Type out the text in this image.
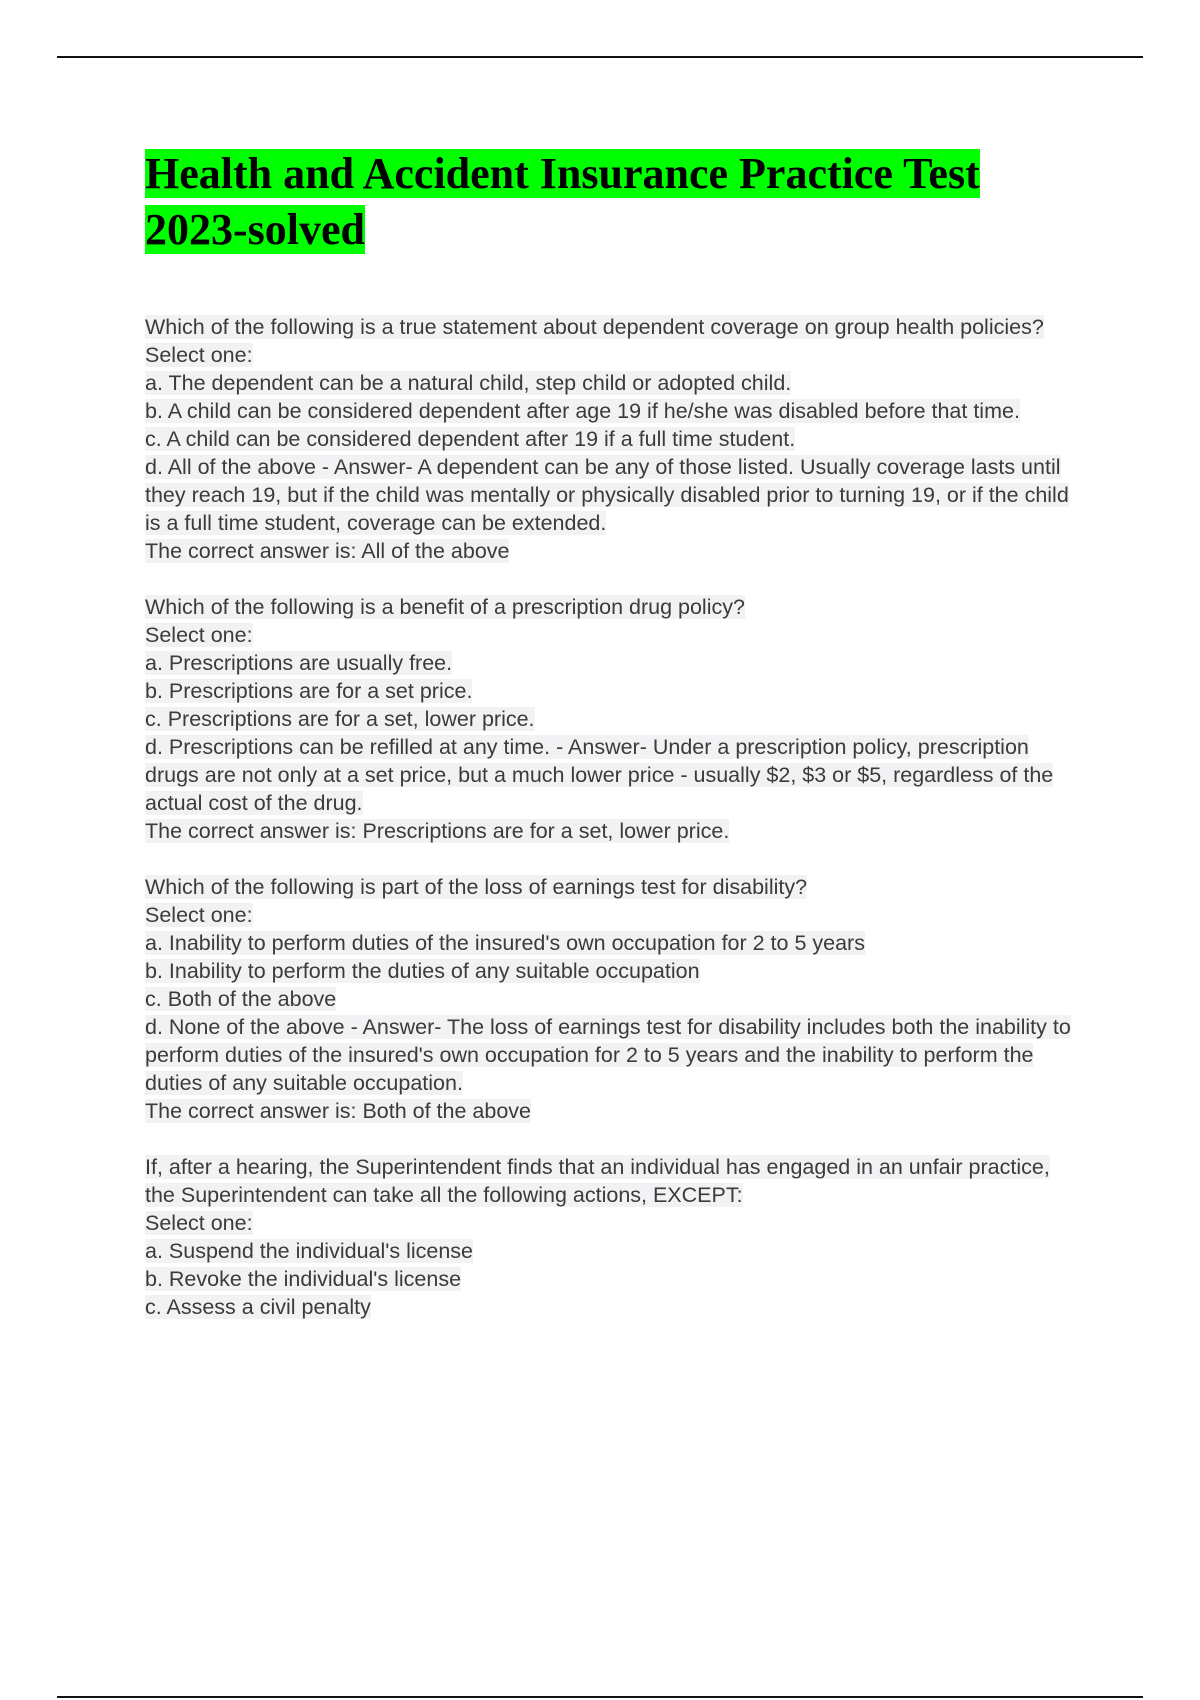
Health and Accident Insurance Practice Test 2023-solved
Which of the following is a true statement about dependent coverage on group health policies?
Select one:
a. The dependent can be a natural child, step child or adopted child.
b. A child can be considered dependent after age 19 if he/she was disabled before that time.
c. A child can be considered dependent after 19 if a full time student.
d. All of the above - Answer- A dependent can be any of those listed. Usually coverage lasts until they reach 19, but if the child was mentally or physically disabled prior to turning 19, or if the child is a full time student, coverage can be extended.
The correct answer is: All of the above
Which of the following is a benefit of a prescription drug policy?
Select one:
a. Prescriptions are usually free.
b. Prescriptions are for a set price.
c. Prescriptions are for a set, lower price.
d. Prescriptions can be refilled at any time. - Answer- Under a prescription policy, prescription drugs are not only at a set price, but a much lower price - usually $2, $3 or $5, regardless of the actual cost of the drug.
The correct answer is: Prescriptions are for a set, lower price.
Which of the following is part of the loss of earnings test for disability?
Select one:
a. Inability to perform duties of the insured's own occupation for 2 to 5 years
b. Inability to perform the duties of any suitable occupation
c. Both of the above
d. None of the above - Answer- The loss of earnings test for disability includes both the inability to perform duties of the insured's own occupation for 2 to 5 years and the inability to perform the duties of any suitable occupation.
The correct answer is: Both of the above
If, after a hearing, the Superintendent finds that an individual has engaged in an unfair practice, the Superintendent can take all the following actions, EXCEPT:
Select one:
a. Suspend the individual's license
b. Revoke the individual's license
c. Assess a civil penalty
